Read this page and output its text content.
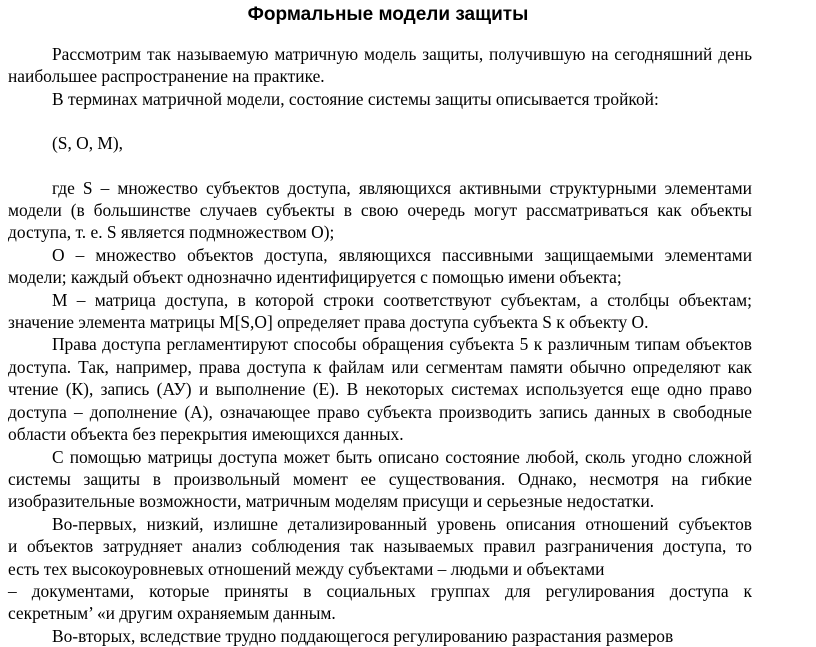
Формальные модели защиты

Рассмотрим так называемую матричную модель защиты, получившую на сегодняшний день наибольшее распространение на практике.

В терминах матричной модели, состояние системы защиты описывается тройкой:

(S, O, M),

где S – множество субъектов доступа, являющихся активными структурными элементами модели (в большинстве случаев субъекты в свою очередь могут рассматриваться как объекты доступа, т. е. S является подмножеством O);

O – множество объектов доступа, являющихся пассивными защищаемыми элементами модели; каждый объект однозначно идентифицируется с помощью имени объекта;

M – матрица доступа, в которой строки соответствуют субъектам, а столбцы объектам; значение элемента матрицы M[S,O] определяет права доступа субъекта S к объекту O.

Права доступа регламентируют способы обращения субъекта 5 к различным типам объектов доступа. Так, например, права доступа к файлам или сегментам памяти обычно определяют как чтение (К), запись (АУ) и выполнение (Е). В некоторых системах используется еще одно право доступа – дополнение (А), означающее право субъекта производить запись данных в свободные области объекта без перекрытия имеющихся данных.

С помощью матрицы доступа может быть описано состояние любой, сколь угодно сложной системы защиты в произвольный момент ее существования. Однако, несмотря на гибкие изобразительные возможности, матричным моделям присущи и серьезные недостатки.

Во-первых, низкий, излишне детализированный уровень описания отношений субъектов
и объектов затрудняет анализ соблюдения так называемых правил разграничения доступа, то
есть тех высокоуровневых отношений между субъектами – людьми и объектами
– документами, которые приняты в социальных группах для регулирования доступа к
секретным’ «и другим охраняемым данным.

Во-вторых, вследствие трудно поддающегося регулированию разрастания размеров
